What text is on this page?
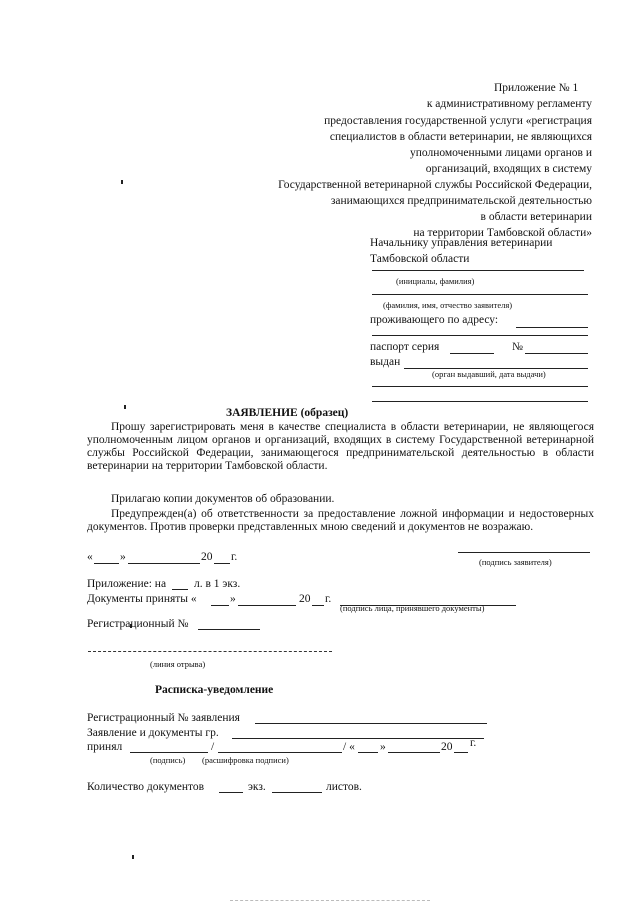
Приложение № 1
к административному регламенту
предоставления государственной услуги «регистрация
специалистов в области ветеринарии, не являющихся
уполномоченными лицами органов и
организаций, входящих в систему
Государственной ветеринарной службы Российской Федерации,
занимающихся предпринимательской деятельностью
в области ветеринарии
на территории Тамбовской области»
Начальнику управления ветеринарии
Тамбовской области
(инициалы, фамилия)
(фамилия, имя, отчество заявителя)
проживающего по адресу:
паспорт серия	№
выдан
(орган выдавший, дата выдачи)
ЗАЯВЛЕНИЕ (образец)
Прошу зарегистрировать меня в качестве специалиста в области ветеринарии, не являющегося уполномоченным лицом органов и организаций, входящих в систему Государственной ветеринарной службы Российской Федерации, занимающегося предпринимательской деятельностью в области ветеринарии на территории Тамбовской области.
Прилагаю копии документов об образовании.
Предупрежден(а) об ответственности за предоставление ложной информации и недостоверных документов. Против проверки представленных мною сведений и документов не возражаю.
« »	20 г.	(подпись заявителя)
Приложение: на л. в 1 экз.
Документы приняты «	»	20 г.
(подпись лица, принявшего документы)
Регистрационный №
(линия отрыва)
Расписка-уведомление
Регистрационный № заявления
Заявление и документы гр.
принял	/	/ « »	20 г.
(подпись) (расшифровка подписи)
Количество документов	экз.	листов.
